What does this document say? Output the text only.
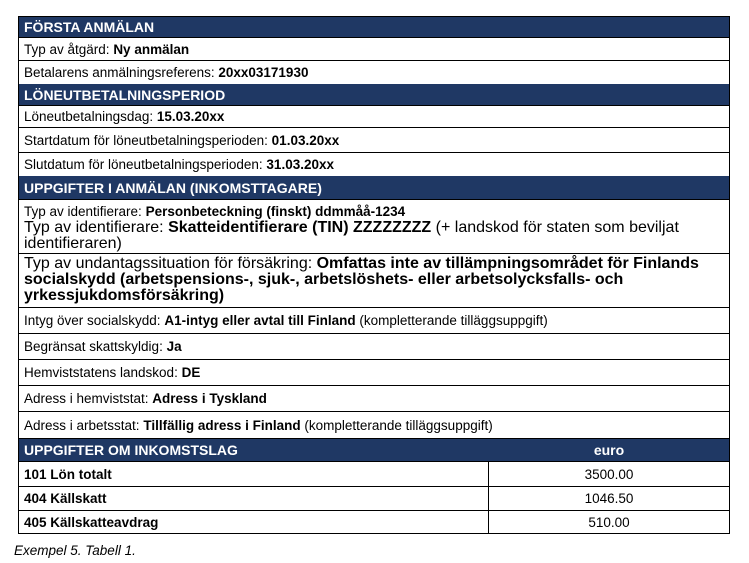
FÖRSTA ANMÄLAN
Typ av åtgärd: Ny anmälan
Betalarens anmälningsreferens: 20xx03171930
LÖNEUTBETALNINGSPERIOD
Löneutbetalningsdag: 15.03.20xx
Startdatum för löneutbetalningsperioden: 01.03.20xx
Slutdatum för löneutbetalningsperioden: 31.03.20xx
UPPGIFTER I ANMÄLAN (INKOMSTTAGARE)
Typ av identifierare: Personbeteckning (finskt) ddmmåå-1234
Typ av identifierare: Skatteidentifierare (TIN) ZZZZZZZZ (+ landskod för staten som beviljat identifieraren)
Typ av undantagssituation för försäkring: Omfattas inte av tillämpningsområdet för Finlands socialskydd (arbetspensions-, sjuk-, arbetslöshets- eller arbetsolycksfalls- och yrkessjukdomsförsäkring)
Intyg över socialskydd: A1-intyg eller avtal till Finland (kompletterande tilläggsuppgift)
Begränsat skattskyldig: Ja
Hemviststatens landskod: DE
Adress i hemviststat: Adress i Tyskland
Adress i arbetsstat: Tillfällig adress i Finland (kompletterande tilläggsuppgift)
UPPGIFTER OM INKOMSTSLAG	euro
101 Lön totalt	3500.00
404 Källskatt	1046.50
405 Källskatteavdrag	510.00
Exempel 5. Tabell 1.
